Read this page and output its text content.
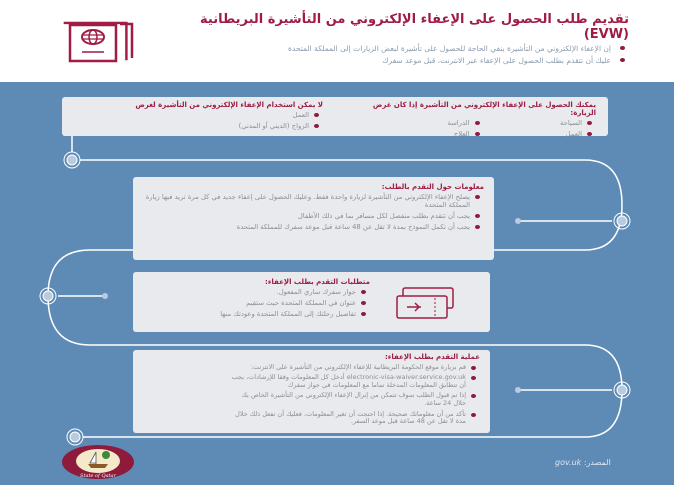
تقديم طلب الحصول على الإعفاء الإلكتروني من التأشيرة البريطانية (EVW)
إن الإعفاء الإلكتروني من التأشيرة ينفي الحاجة للحصول على تأشيرة لبعض الزيارات إلى المملكة المتحدة
عليك أن تتقدم بطلب الحصول على الإعفاء عبر الانترنت، قبل موعد سفرك
يمكنك الحصول على الإعفاء الإلكتروني من التأشيرة إذا كان غرض الزيارة:
السياحة
الدراسة
العمل
العلاج
لا يمكن استخدام الإعفاء الإلكتروني من التأشيرة لغرض
العمل
الزواج (الديني أو المدني)
معلومات حول التقدم بالطلب:
يصلح الإعفاء الإلكتروني من التأشيرة لزيارة واحدة فقط. وعليك الحصول على إعفاء جديد في كل مرة تريد فيها زيارة المملكة المتحدة
يجب أن تتقدم بطلب منفصل لكل مسافر بما في ذلك الأطفال
يجب أن تكمل النموذج بمدة لا تقل عن 48 ساعة قبل موعد سفرك للمملكة المتحدة
متطلبات التقدم بطلب الإعفاء:
جواز سفرك ساري المفعول.
عنوان في المملكة المتحدة حيث ستقيم
تفاصيل رحلتك إلى المملكة المتحدة وعودتك منها
عملية التقدم بطلب الإعفاء:
قم بزيارة موقع الحكومة البريطانية للإعفاء الإلكتروني من التأشيرة على الانترنت:
electronic-visa-waiver.service.gov.uk أدخل كل المعلومات وفقا للإرشادات، يجب أن تتطابق المعلومات المدخلة تماما مع المعلومات في جواز سفرك
إذا تم قبول الطلب سوف تتمكن من إنزال الإعفاء الإلكتروني من التأشيرة الخاص بك خلال 24 ساعة.
تأكد من أن معلوماتك صحيحة. إذا احتجت أن تغير المعلومات، فعليك أن تفعل ذلك خلال مدة لا تقل عن 48 ساعة قبل موعد السفر.
State of Qatar
المصدر: gov.uk
